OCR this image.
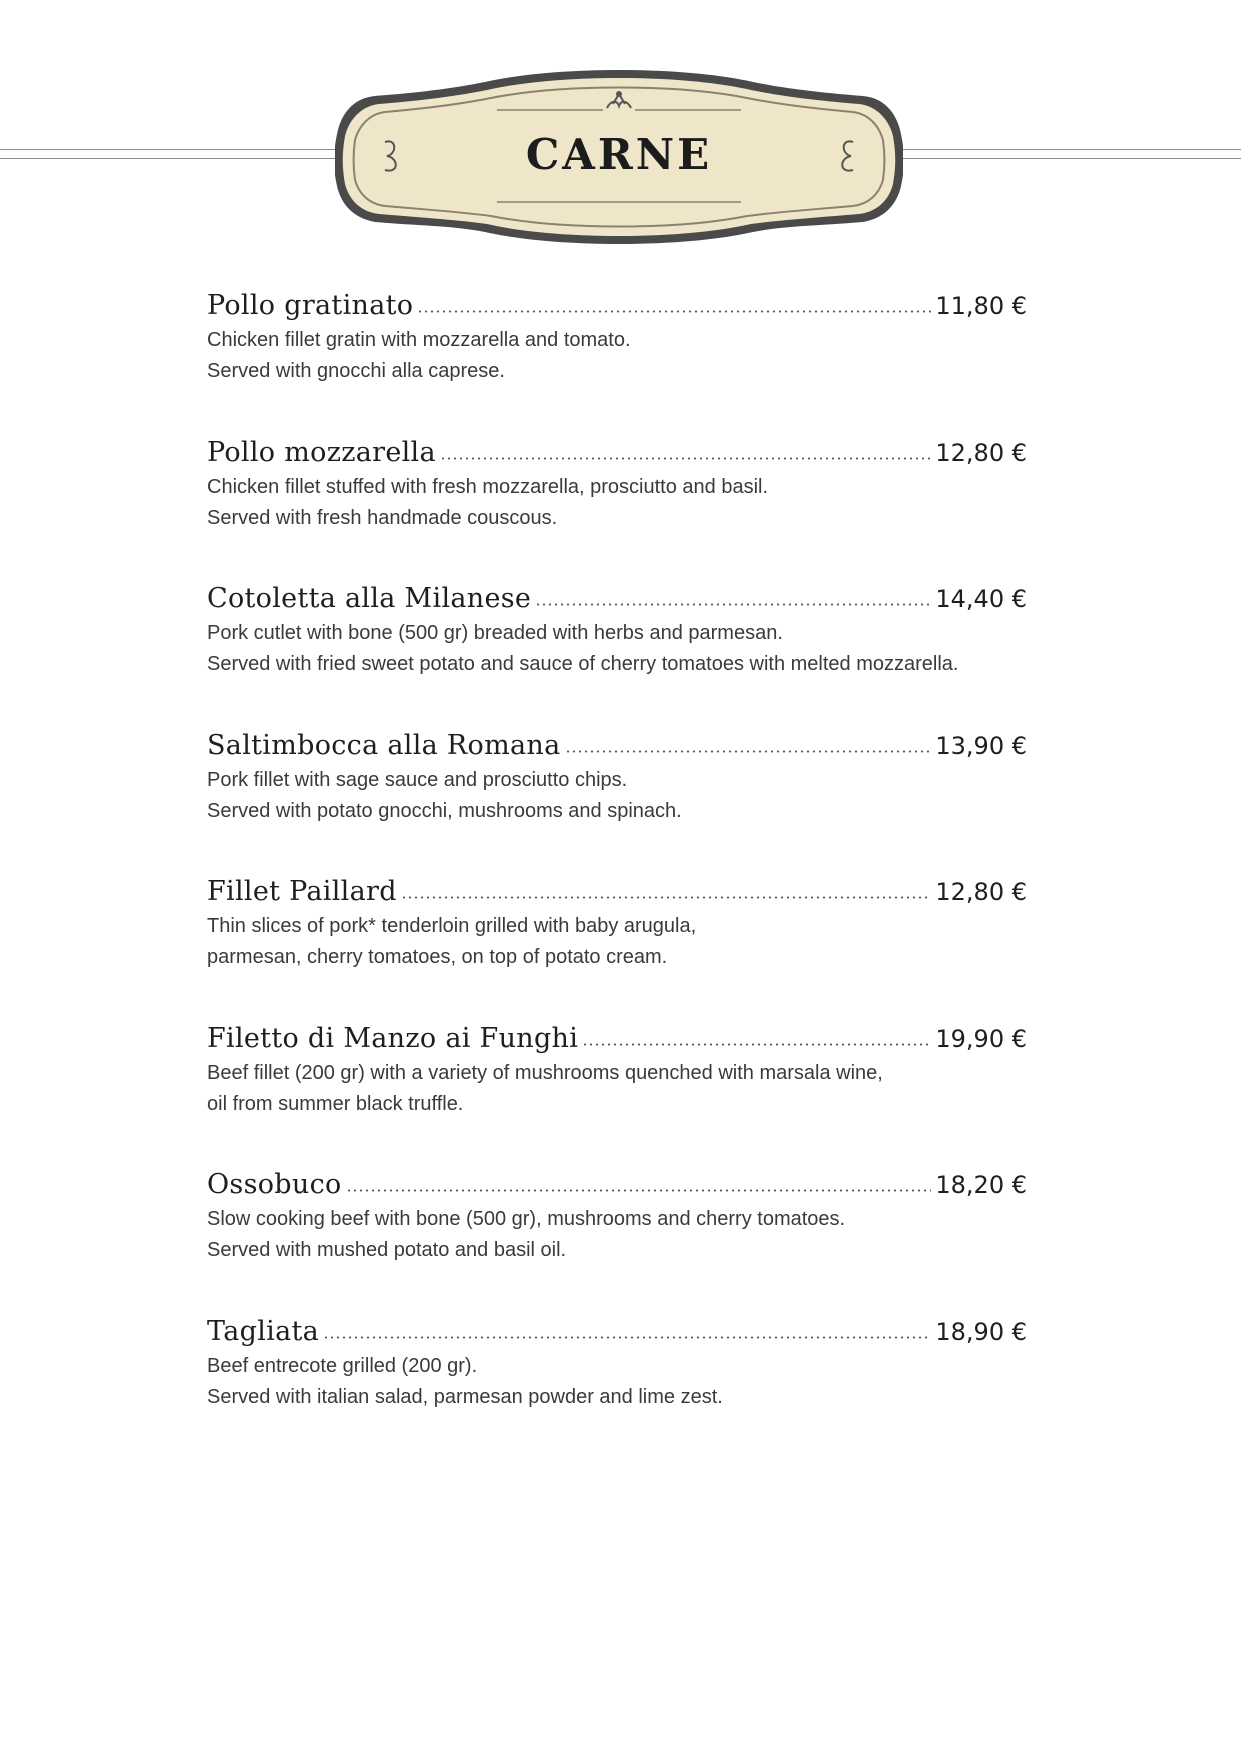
CARNE
Pollo gratinato	11,80 €
Chicken fillet gratin with mozzarella and tomato.
Served with gnocchi alla caprese.
Pollo mozzarella	12,80 €
Chicken fillet stuffed with fresh mozzarella, prosciutto and basil.
Served with fresh handmade couscous.
Cotoletta alla Milanese	14,40 €
Pork cutlet with bone (500 gr) breaded with herbs and parmesan.
Served with fried sweet potato and sauce of cherry tomatoes with melted mozzarella.
Saltimbocca alla Romana	13,90 €
Pork fillet with sage sauce and prosciutto chips.
Served with potato gnocchi, mushrooms and spinach.
Fillet Paillard	12,80 €
Thin slices of pork* tenderloin grilled with baby arugula,
parmesan, cherry tomatoes, on top of potato cream.
Filetto di Manzo ai Funghi	19,90 €
Beef fillet (200 gr) with a variety of mushrooms quenched with marsala wine,
oil from summer black truffle.
Ossobuco	18,20 €
Slow cooking beef with bone (500 gr), mushrooms and cherry tomatoes.
Served with mushed potato and basil oil.
Tagliata	18,90 €
Beef entrecote grilled (200 gr).
Served with italian salad, parmesan powder and lime zest.
